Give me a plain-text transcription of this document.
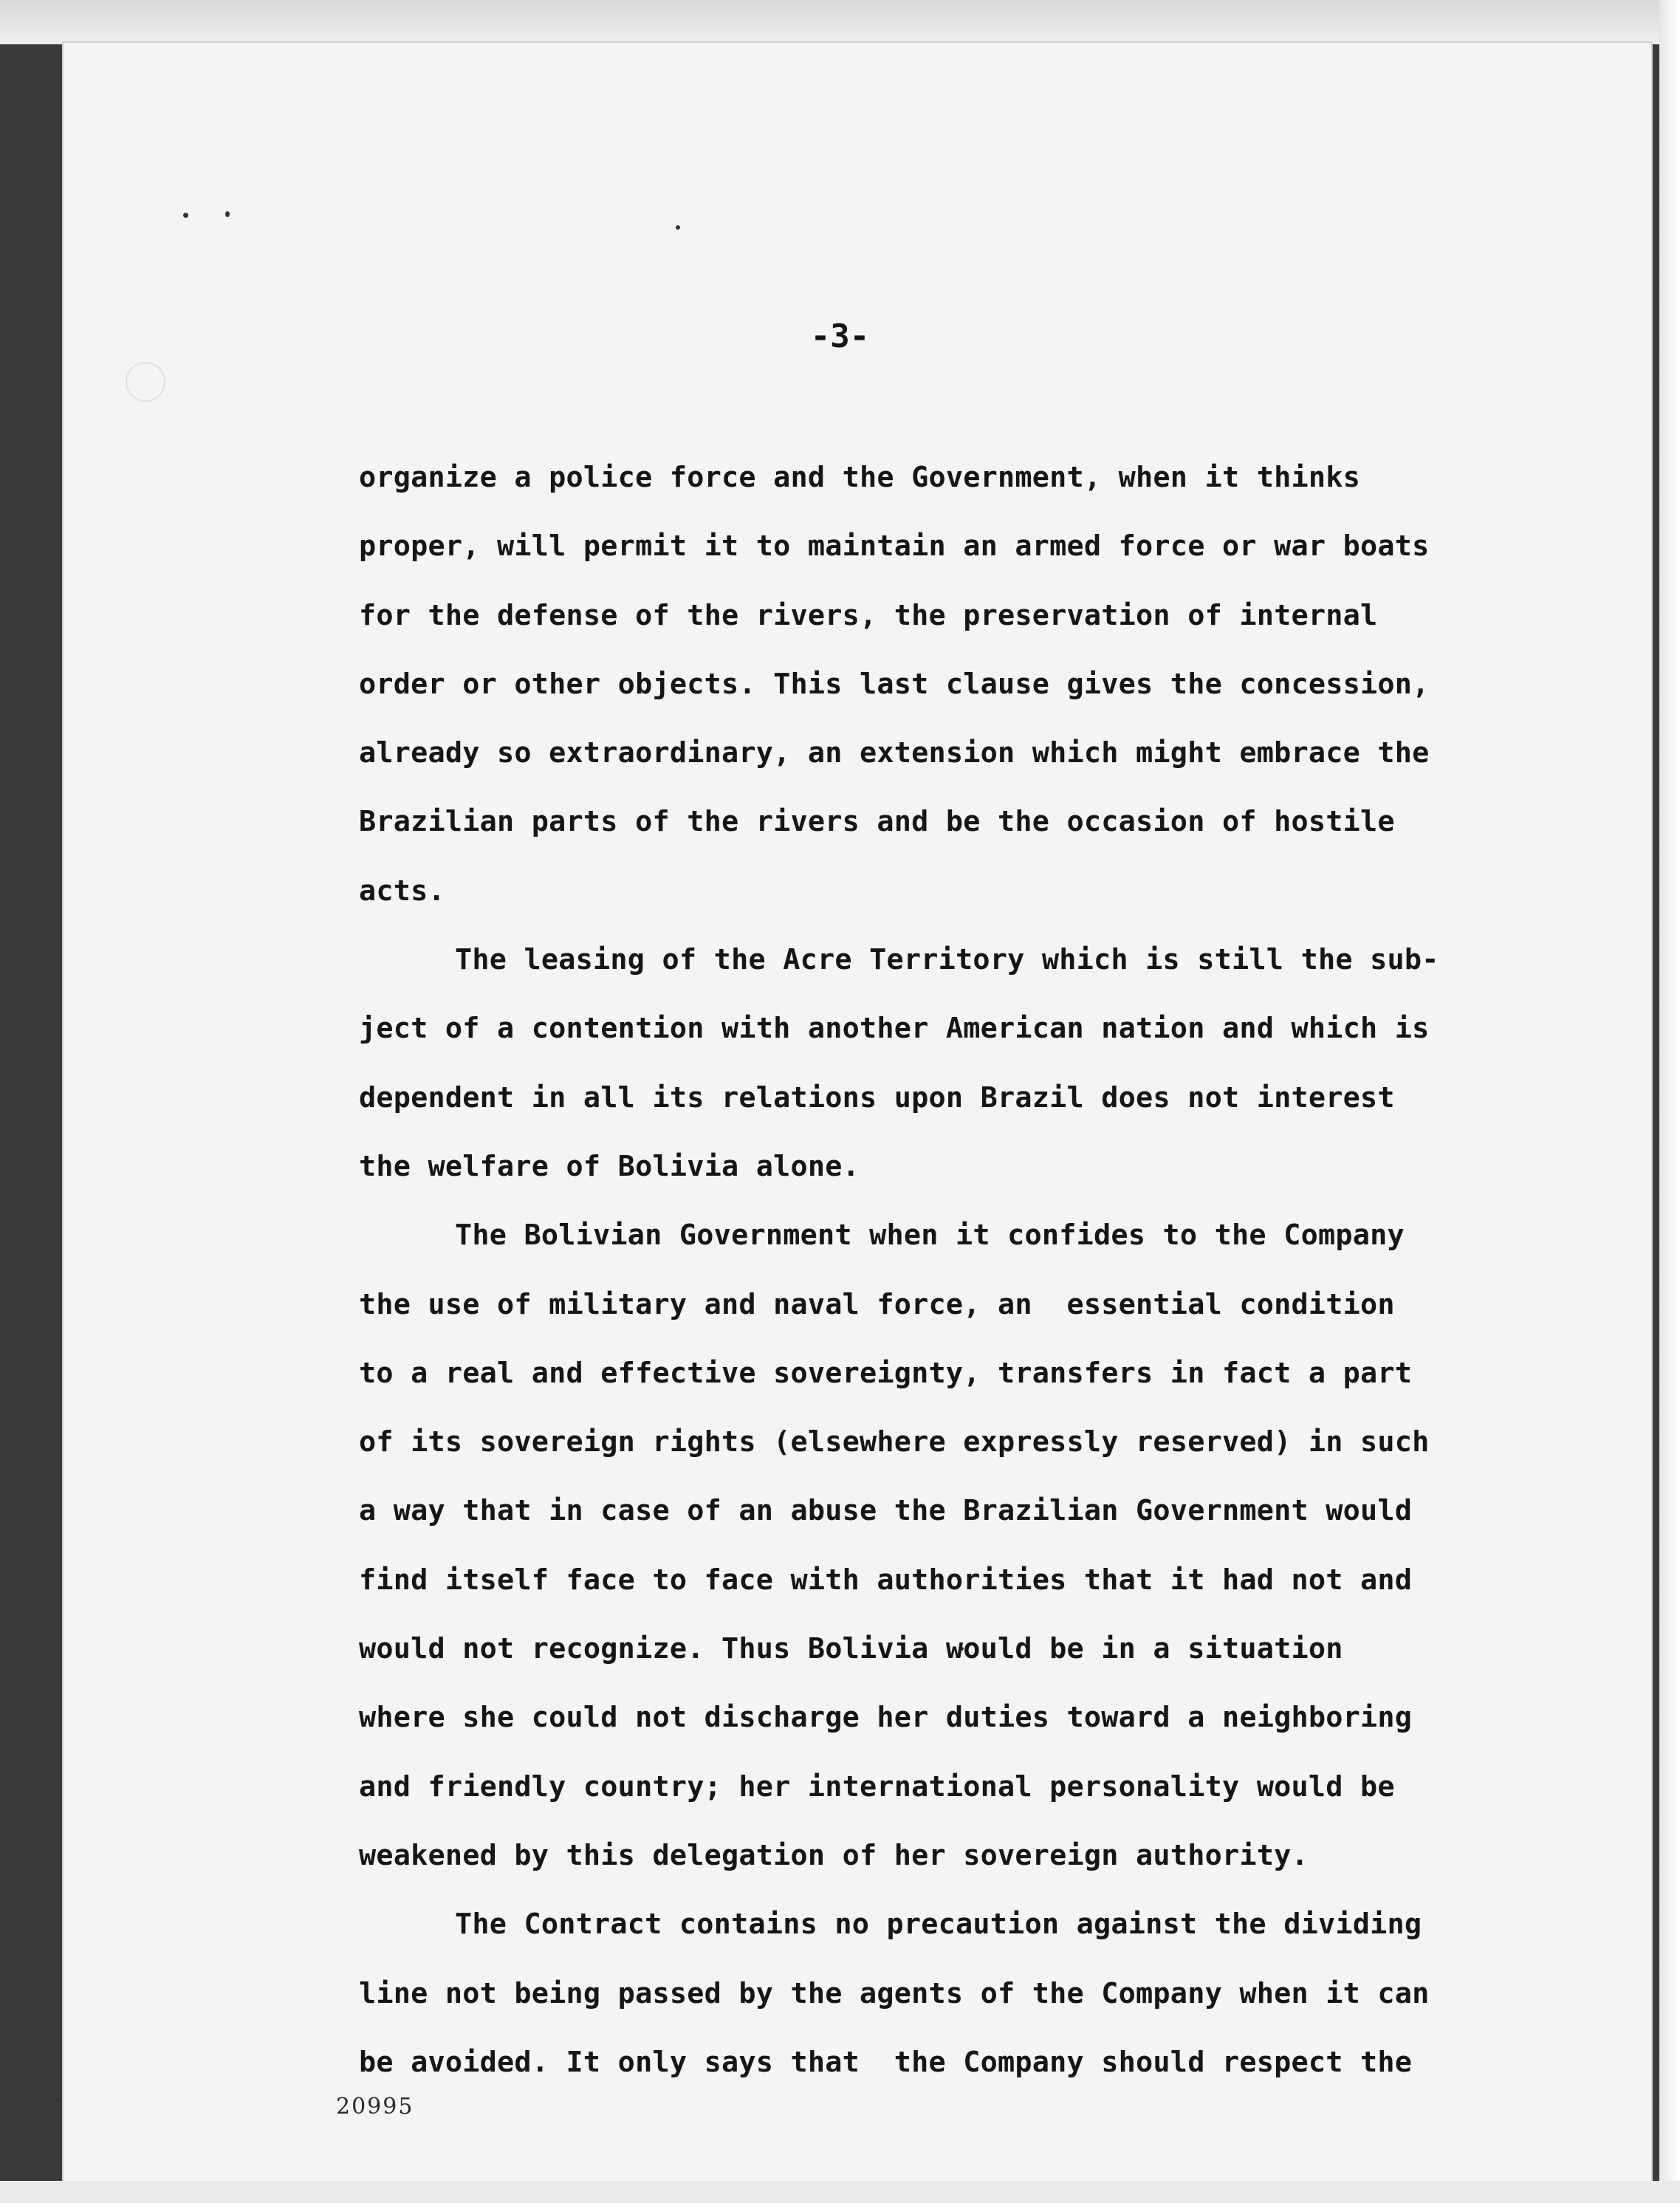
-3-
organize a police force and the Government, when it thinks
proper, will permit it to maintain an armed force or war boats
for the defense of the rivers, the preservation of internal
order or other objects. This last clause gives the concession,
already so extraordinary, an extension which might embrace the
Brazilian parts of the rivers and be the occasion of hostile
acts.
The leasing of the Acre Territory which is still the sub-
ject of a contention with another American nation and which is
dependent in all its relations upon Brazil does not interest
the welfare of Bolivia alone.
The Bolivian Government when it confides to the Company
the use of military and naval force, an  essential condition
to a real and effective sovereignty, transfers in fact a part
of its sovereign rights (elsewhere expressly reserved) in such
a way that in case of an abuse the Brazilian Government would
find itself face to face with authorities that it had not and
would not recognize. Thus Bolivia would be in a situation
where she could not discharge her duties toward a neighboring
and friendly country; her international personality would be
weakened by this delegation of her sovereign authority.
The Contract contains no precaution against the dividing
line not being passed by the agents of the Company when it can
be avoided. It only says that  the Company should respect the
20995
